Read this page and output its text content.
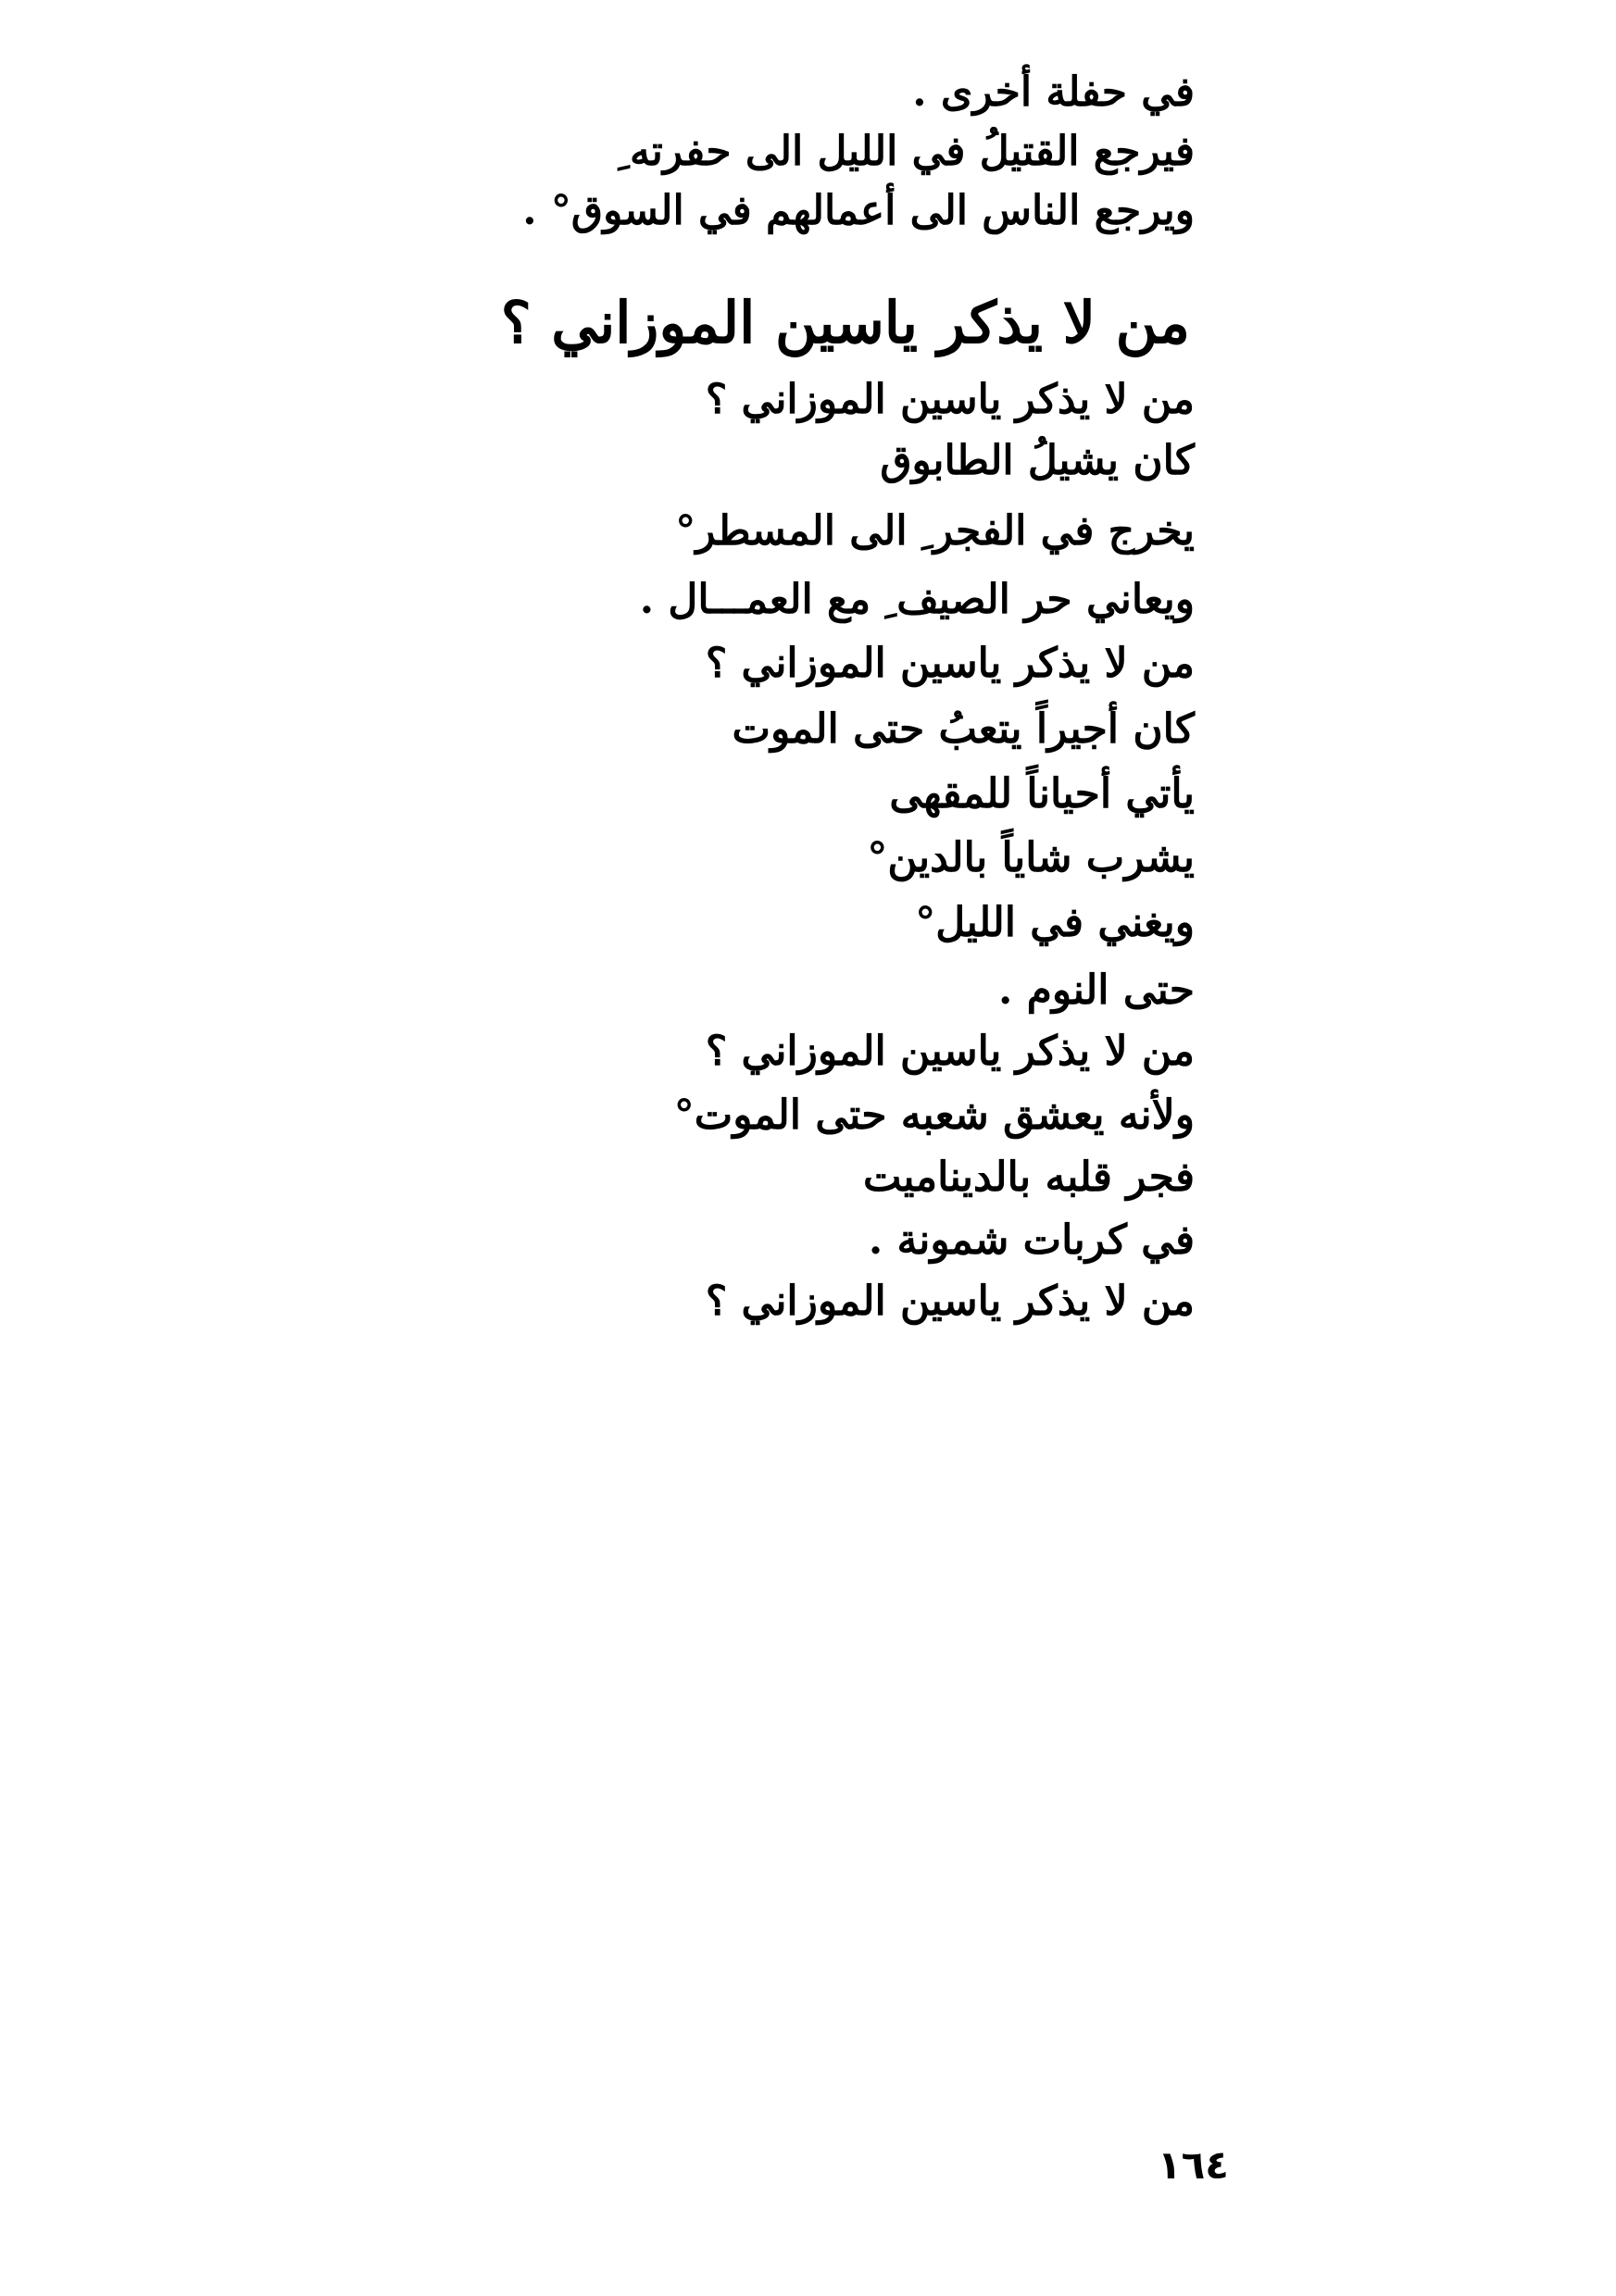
في حفلة أخرى .
فيرجع القتيلُ في الليل الى حفرته ِ
ويرجع الناس الى أعمالهم في السوق° .
من لا يذكر ياسين الموزاني ؟
من لا يذكر ياسين الموزاني ؟
كان يشيلُ الطابوق
يخرج في الفجر ِ الى المسطر°
ويعاني حر الصيف ِ مع العمـــال .
من لا يذكر ياسين الموزاني ؟
كان أجيراً يتعبُ حتى الموت
يأتي أحياناً للمقهى
يشرب شاياً بالدين°
ويغني في الليل°
حتى النوم .
من لا يذكر ياسين الموزاني ؟
ولأنه يعشق شعبه حتى الموت°
فجر قلبه بالديناميت
في كربات شمونة .
من لا يذكر ياسين الموزاني ؟
١٦٤
